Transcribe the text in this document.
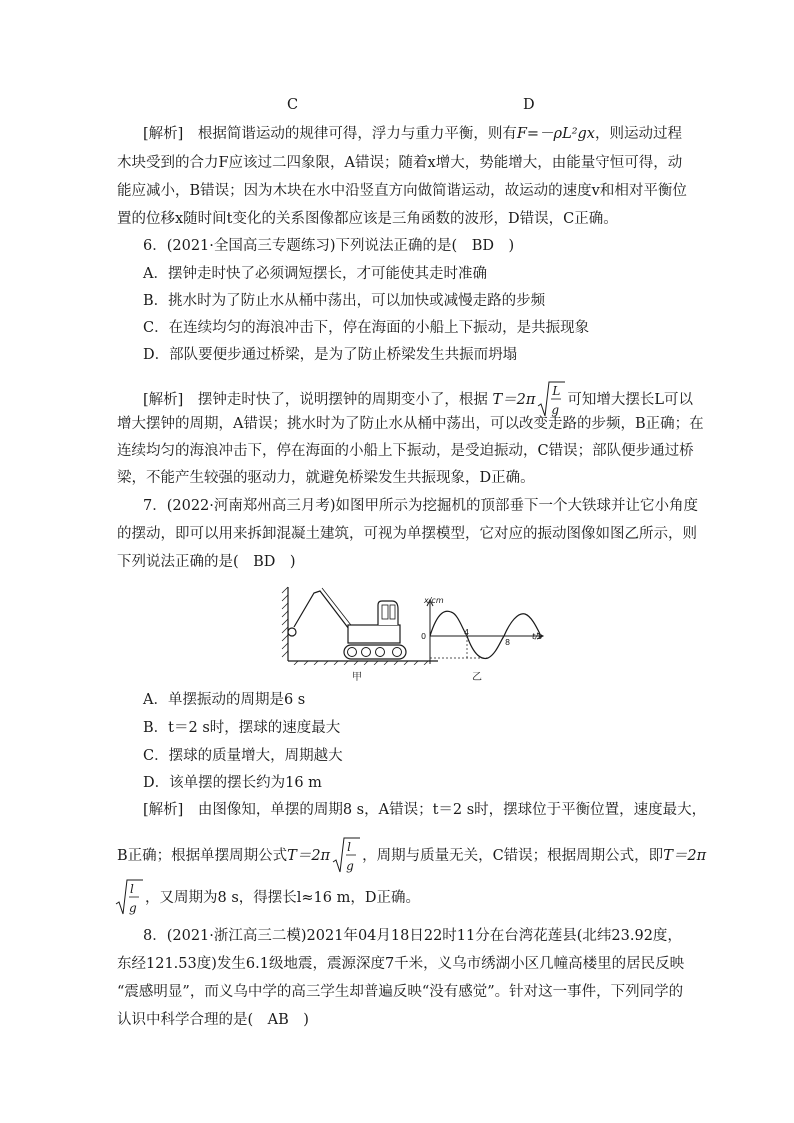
C	D
[解析]　 根据简谐运动的规律可得，浮力与重力平衡，则有F=－ρL²gx，则运动过程
木块受到的合力F应该过二四象限，A错误；随着x增大，势能增大，由能量守恒可得，动
能应减小，B错误；因为木块在水中沿竖直方向做简谐运动，故运动的速度v和相对平衡位
置的位移x随时间t变化的关系图像都应该是三角函数的波形，D错误，C正确。
6．(2021·全国高三专题练习)下列说法正确的是(　BD　)
A．摆钟走时快了必须调短摆长，才可能使其走时准确
B．挑水时为了防止水从桶中荡出，可以加快或减慢走路的步频
C．在连续均匀的海浪冲击下，停在海面的小船上下振动，是共振现象
D．部队要便步通过桥梁，是为了防止桥梁发生共振而坍塌
[解析]　 摆钟走时快了，说明摆钟的周期变小了，根据 T＝2π
L
g
可知增大摆长L可以
增大摆钟的周期，A错误；挑水时为了防止水从桶中荡出，可以改变走路的步频，B正确；在
连续均匀的海浪冲击下，停在海面的小船上下振动，是受迫振动，C错误；部队便步通过桥
梁，不能产生较强的驱动力，就避免桥梁发生共振现象，D正确。
7．(2022·河南郑州高三月考)如图甲所示为挖掘机的顶部垂下一个大铁球并让它小角度
的摆动，即可以用来拆卸混凝土建筑，可视为单摆模型，它对应的振动图像如图乙所示，则
下列说法正确的是(　BD　)
甲
x/cm
t/s
0	4
8
乙
A．单摆振动的周期是6 s
B．t＝2 s时，摆球的速度最大
C．摆球的质量增大，周期越大
D．该单摆的摆长约为16 m
[解析]　 由图像知，单摆的周期8 s，A错误；t＝2 s时，摆球位于平衡位置，速度最大，
B正确；根据单摆周期公式T＝2π
l
g
，周期与质量无关，C错误；根据周期公式，即T＝2π
l
g
，又周期为8 s，得摆长l≈16 m，D正确。
8．(2021·浙江高三二模)2021年04月18日22时11分在台湾花莲县(北纬23.92度，
东经121.53度)发生6.1级地震，震源深度7千米，义乌市绣湖小区几幢高楼里的居民反映
“震感明显”，而义乌中学的高三学生却普遍反映“没有感觉”。针对这一事件，下列同学的
认识中科学合理的是(　AB　)
